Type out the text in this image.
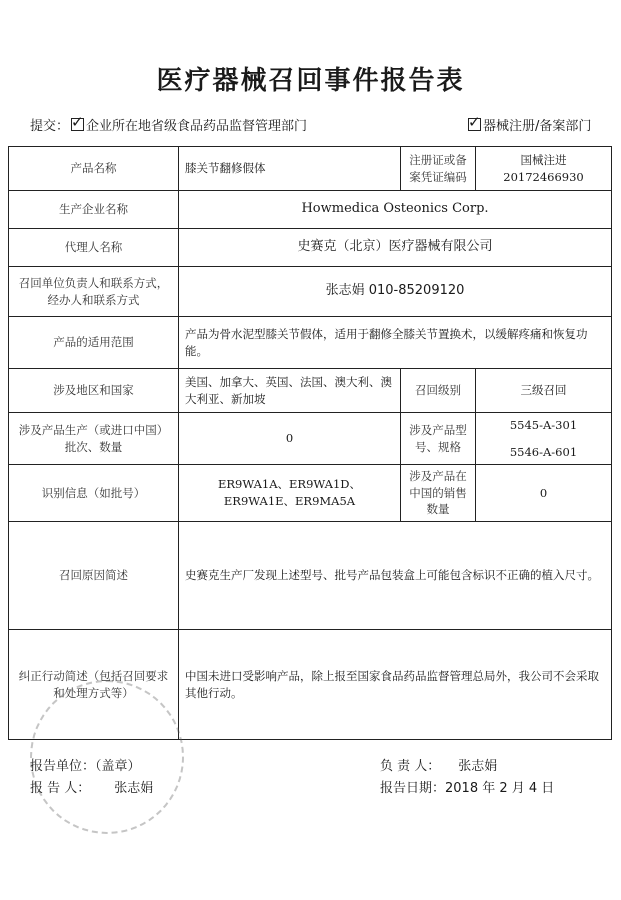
医疗器械召回事件报告表
提交： ✓ 企业所在地省级食品药品监督管理部门 ✓	器械注册/备案部门
产品名称	膝关节翻修假体	注册证或备案凭证编码	国械注进
20172466930

生产企业名称	Howmedica Osteonics Corp.		
代理人名称	史赛克（北京）医疗器械有限公司		
召回单位负责人和联系方式，经办人和联系方式	张志娟 010-85209120		
产品的适用范围	产品为骨水泥型膝关节假体，适用于翻修全膝关节置换术，以缓解疼痛和恢复功能。		
涉及地区和国家	美国、加拿大、英国、法国、澳大利、澳大利亚、新加坡	召回级别	三级召回
涉及产品生产（或进口中国）批次、数量	0	涉及产品型号、规格	5545-A-301
5546-A-601

识别信息（如批号）	ER9WA1A、ER9WA1D、
ER9WA1E、ER9MA5A	涉及产品在中国的销售数量	0
召回原因简述	史赛克生产厂发现上述型号、批号产品包装盒上可能包含标识不正确的植入尺寸。		
纠正行动简述（包括召回要求和处理方式等）	中国未进口受影响产品，除上报至国家食品药品监督管理总局外，我公司不会采取其他行动。		
报告单位：（盖章）
报 告 人： 张志娟
负 责 人： 张志娟
报告日期：2018 年 2 月 4 日
